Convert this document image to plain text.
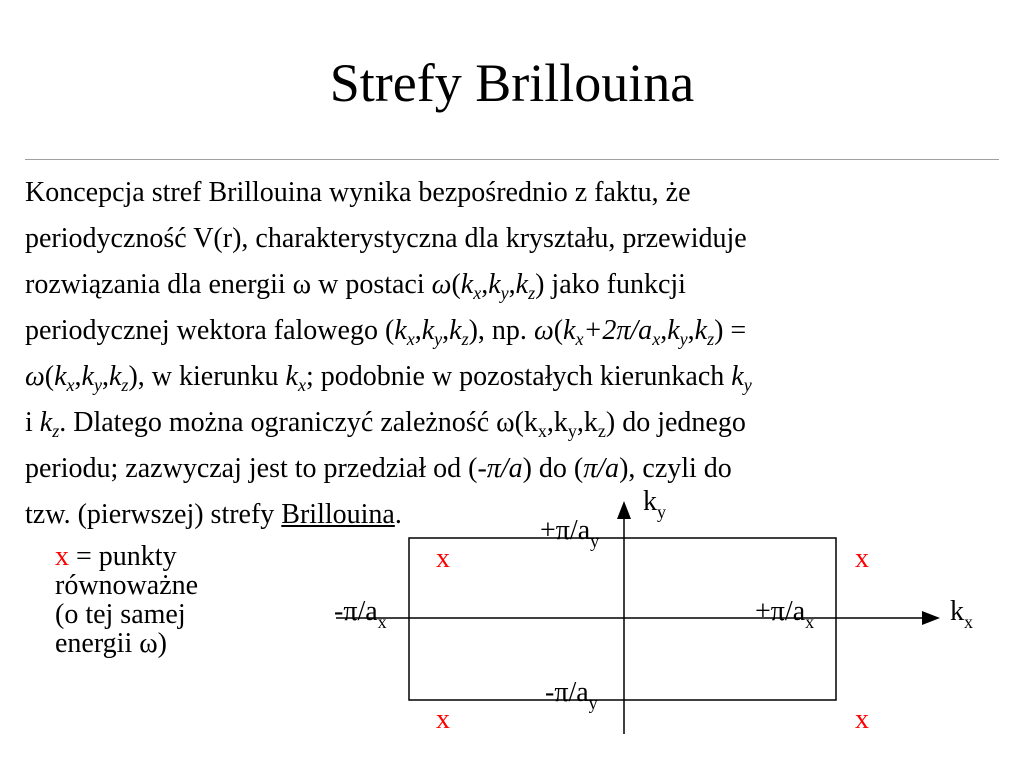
Strefy Brillouina

Koncepcja stref Brillouina wynika bezpośrednio z faktu, że
periodyczność V(r), charakterystyczna dla kryształu, przewiduje
rozwiązania dla energii ω w postaci $\omega(k_x,k_y,k_z)$ jako funkcji
periodycznej wektora falowego $(k_x,k_y,k_z)$, np. $\omega(k_x+2\pi/a_x,k_y,k_z)$ =
$\omega(k_x,k_y,k_z)$, w kierunku $k_x$; podobnie w pozostałych kierunkach $k_y$
i $k_z$. Dlatego można ograniczyć zależność $\omega(k_x,k_y,k_z)$ do jednego
periodu; zazwyczaj jest to przedział od (-π/a) do (π/a), czyli do
tzw. (pierwszej) strefy Brillouina.

x = punkty
równoważne
(o tej samej
energii ω)
$k_y$
$+\pi/a_y$
$-\pi/a_x$	$+\pi/a_x$	$k_x$
$-\pi/a_y$
x	x
x	x
